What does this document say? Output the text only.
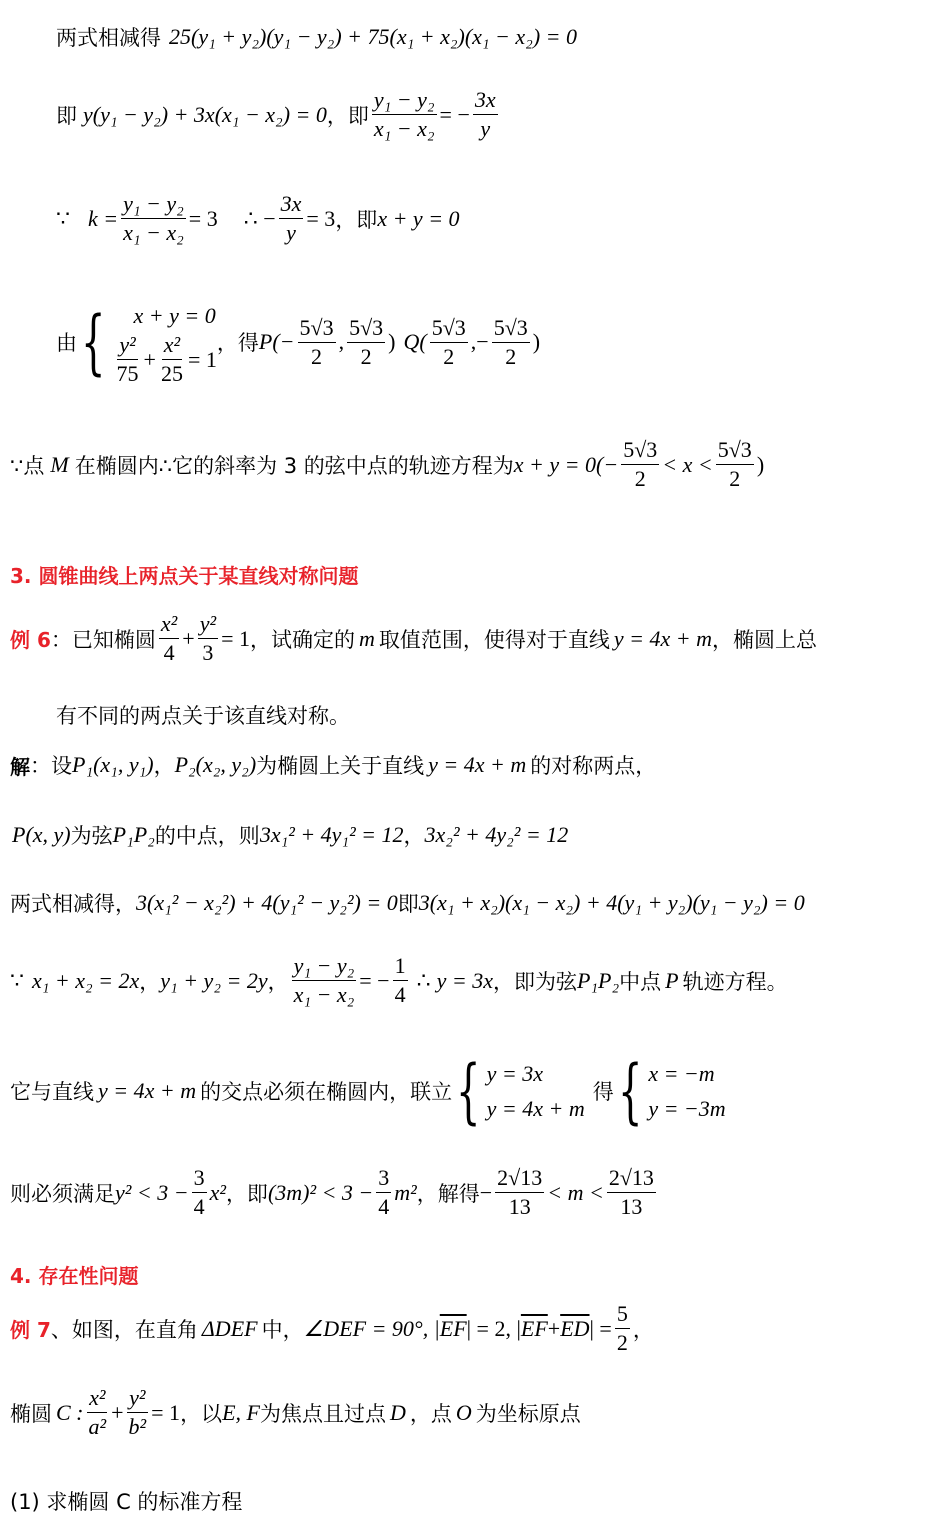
两式相减得 25(y₁ + y₂)(y₁ − y₂) + 75(x₁ + x₂)(x₁ − x₂) = 0
即 y(y₁ − y₂) + 3x(x₁ − x₂) = 0 ，即 $\frac{\text{y₁ − y₂}}{\text{x₁ − x₂}}$ = − $\frac{3x}{y}$
∵ $k = \frac{\text{y₁ − y₂}}{\text{x₁ − x₂}} = 3$ ∴ − $\frac{3x}{y} = 3$ ，即 x + y = 0
由 { x + y = 0
$\frac{\text{y²}}{75} + \frac{\text{x²}}{25} = 1$
，得 $P(- \frac{5√3}{2}$ , $\frac{5√3}{2}$ ) $Q( \frac{5√3}{2}$ ,− $\frac{5√3}{2}$ )
∵点 M 在椭圆内∴它的斜率为 3 的弦中点的轨迹方程为 $x + y = 0(- \frac{5√3}{2} < x < \frac{5√3}{2}$ )
3. 圆锥曲线上两点关于某直线对称问题
例 6 ：已知椭圆 $\frac{\text{x²}}{4} + \frac{\text{y²}}{3} = 1$ ，试确定的 m 取值范围，使得对于直线 y = 4x + m ，椭圆上总
有不同的两点关于该直线对称。
解 ：设 P₁(x₁, y₁) ， P₂(x₂, y₂) 为椭圆上关于直线 y = 4x + m 的对称两点，
P(x, y) 为弦 P₁P₂ 的中点，则 3x₁² + 4y₁² = 12 ， 3x₂² + 4y₂² = 12
两式相减得， 3(x₁² − x₂²) + 4(y₁² − y₂²) = 0 即 3(x₁ + x₂)(x₁ − x₂) + 4(y₁ + y₂)(y₁ − y₂) = 0
∵ x₁ + x₂ = 2x ， y₁ + y₂ = 2y ， $\frac{\text{y₁ − y₂}}{\text{x₁ − x₂}}$ = − $\frac{1}{4}$ ∴ y = 3x ，即为弦 P₁P₂ 中点 P 轨迹方程。
它与直线 y = 4x + m 的交点必须在椭圆内，联立 { y = 3x
y = 4x + m
得 { x = −m
y = −3m
则必须满足 $y^2 < 3 - \frac{3}{4} x^2$ ，即 $(3m)^2 < 3 - \frac{3}{4} m^2$ ，解得 − $\frac{2√13}{13} < m < \frac{2√13}{13}$
4. 存在性问题
例 7 、如图，在直角 ΔDEF 中， ∠DEF = 90°, | $\overline{EF}$ | = 2, | $\overline{EF} + \overline{ED}$ | = $\frac{5}{2}$ ，
椭圆 C : $\frac{\text{x²}}{\text{a²}} + \frac{\text{y²}}{\text{b²}} = 1$ ，以 E, F 为焦点且过点 D ，点 O 为坐标原点
(1) 求椭圆 C 的标准方程
